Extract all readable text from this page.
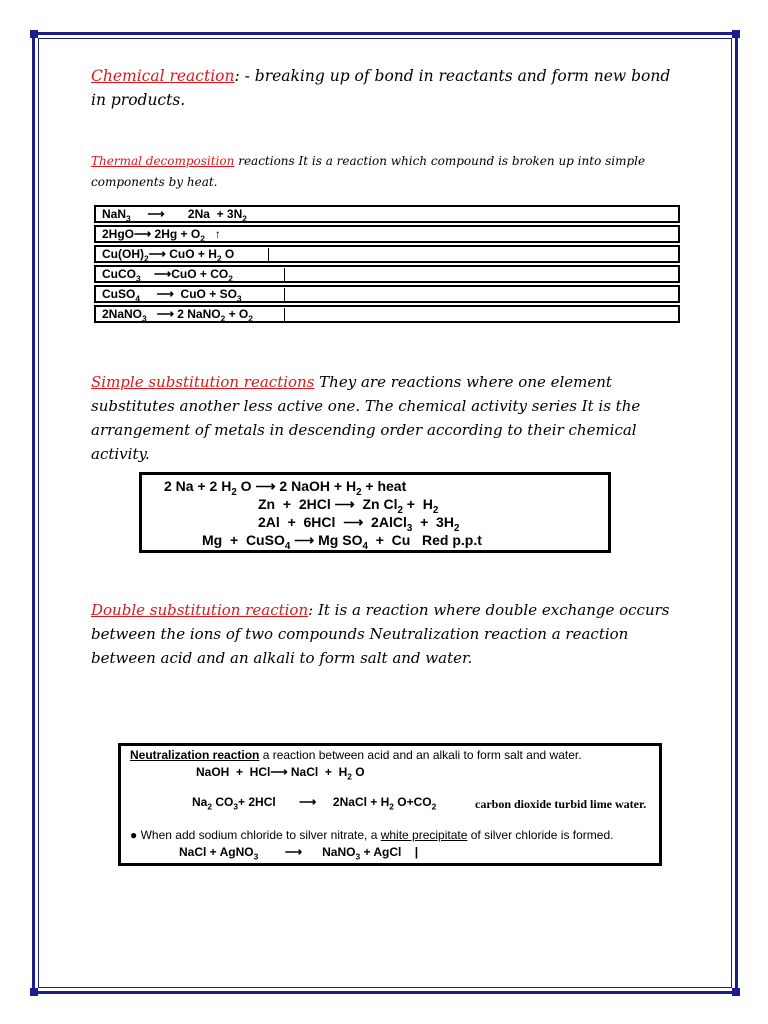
Chemical reaction: - breaking up of bond in reactants and form new bond in products.
Thermal decomposition reactions It is a reaction which compound is broken up into simple components by heat.
NaN$_3$     ⟶       $2Na + 3N_2$
2HgO⟶ $2Hg + O_2$   ↑
$Cu(OH)_2⟶$ CuO + $H_2$ O
CuCO$_3$    ⟶CuO + $CO_2$
CuSO$_4$     ⟶  CuO + $SO_3$
2NaNO$_3$   ⟶ 2 NaNO$_2$ + $O_2$
Simple substitution reactions They are reactions where one element substitutes another less active one. The chemical activity series It is the arrangement of metals in descending order according to their chemical activity.
2 Na + 2 $H_2$ O ⟶ 2 NaOH + $H_2$ + heat
Zn  +  2HCl ⟶  Zn $Cl_2 + H_2$
2Al  +  6HCl  ⟶  2AlCl$_3$  +  $3H_2$
Mg  +  CuSO$_4$ ⟶ Mg $SO_4 + Cu$   Red p.p.t
Double substitution reaction: It is a reaction where double exchange occurs between the ions of two compounds Neutralization reaction a reaction between acid and an alkali to form salt and water.
Neutralization reaction a reaction between acid and an alkali to form salt and water.
NaOH  +  HCl⟶ NaCl  +  $H_2$ O
$Na_2$ $CO_3+ 2HCl$       ⟶     2NaCl + $H_2$ $O+CO_2$	carbon dioxide turbid lime water.
● When add sodium chloride to silver nitrate, a white precipitate of silver chloride is formed.
NaCl + AgNO$_3$        ⟶      NaNO$_3$ + AgCl    |
